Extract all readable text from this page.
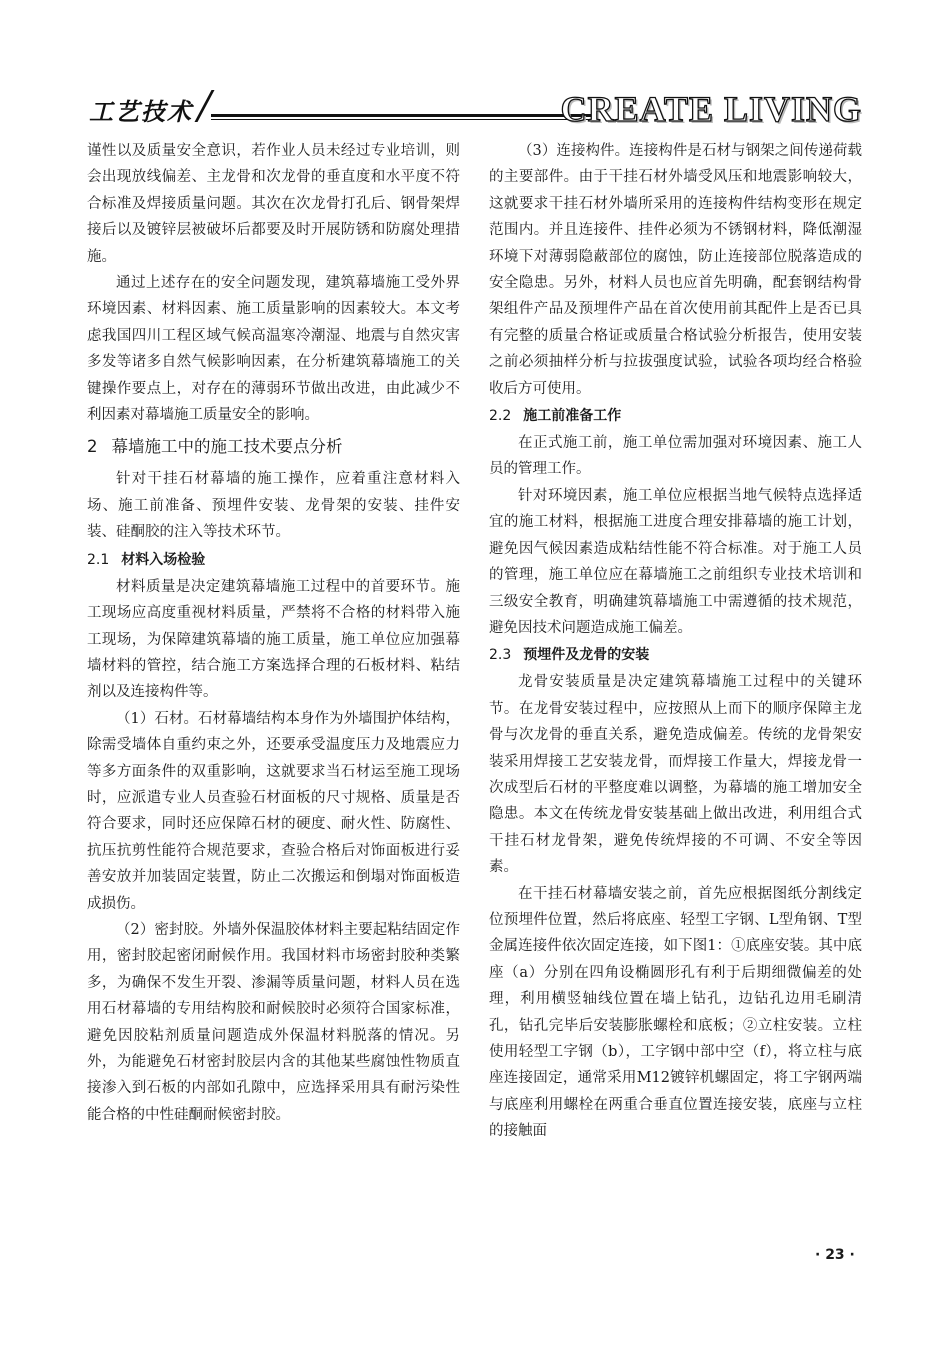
工艺技术	CREATE LIVING

谨性以及质量安全意识，若作业人员未经过专业培训，则会出现放线偏差、主龙骨和次龙骨的垂直度和水平度不符合标准及焊接质量问题。其次在次龙骨打孔后、钢骨架焊接后以及镀锌层被破坏后都要及时开展防锈和防腐处理措施。

通过上述存在的安全问题发现，建筑幕墙施工受外界环境因素、材料因素、施工质量影响的因素较大。本文考虑我国四川工程区域气候高温寒冷潮湿、地震与自然灾害多发等诸多自然气候影响因素，在分析建筑幕墙施工的关键操作要点上，对存在的薄弱环节做出改进，由此减少不利因素对幕墙施工质量安全的影响。

2 幕墙施工中的施工技术要点分析

针对干挂石材幕墙的施工操作，应着重注意材料入场、施工前准备、预埋件安装、龙骨架的安装、挂件安装、硅酮胶的注入等技术环节。

2.1 材料入场检验

材料质量是决定建筑幕墙施工过程中的首要环节。施工现场应高度重视材料质量，严禁将不合格的材料带入施工现场，为保障建筑幕墙的施工质量，施工单位应加强幕墙材料的管控，结合施工方案选择合理的石板材料、粘结剂以及连接构件等。

（1）石材。石材幕墙结构本身作为外墙围护体结构，除需受墙体自重约束之外，还要承受温度压力及地震应力等多方面条件的双重影响，这就要求当石材运至施工现场时，应派遣专业人员查验石材面板的尺寸规格、质量是否符合要求，同时还应保障石材的硬度、耐火性、防腐性、抗压抗剪性能符合规范要求，查验合格后对饰面板进行妥善安放并加装固定装置，防止二次搬运和倒塌对饰面板造成损伤。

（2）密封胶。外墙外保温胶体材料主要起粘结固定作用，密封胶起密闭耐候作用。我国材料市场密封胶种类繁多，为确保不发生开裂、渗漏等质量问题，材料人员在选用石材幕墙的专用结构胶和耐候胶时必须符合国家标准，避免因胶粘剂质量问题造成外保温材料脱落的情况。另外，为能避免石材密封胶层内含的其他某些腐蚀性物质直接渗入到石板的内部如孔隙中，应选择采用具有耐污染性能合格的中性硅酮耐候密封胶。

（3）连接构件。连接构件是石材与钢架之间传递荷载的主要部件。由于干挂石材外墙受风压和地震影响较大，这就要求干挂石材外墙所采用的连接构件结构变形在规定范围内。并且连接件、挂件必须为不锈钢材料，降低潮湿环境下对薄弱隐蔽部位的腐蚀，防止连接部位脱落造成的安全隐患。另外，材料人员也应首先明确，配套钢结构骨架组件产品及预埋件产品在首次使用前其配件上是否已具有完整的质量合格证或质量合格试验分析报告，使用安装之前必须抽样分析与拉拔强度试验，试验各项均经合格验收后方可使用。

2.2 施工前准备工作

在正式施工前，施工单位需加强对环境因素、施工人员的管理工作。

针对环境因素，施工单位应根据当地气候特点选择适宜的施工材料，根据施工进度合理安排幕墙的施工计划，避免因气候因素造成粘结性能不符合标准。对于施工人员的管理，施工单位应在幕墙施工之前组织专业技术培训和三级安全教育，明确建筑幕墙施工中需遵循的技术规范，避免因技术问题造成施工偏差。

2.3 预埋件及龙骨的安装

龙骨安装质量是决定建筑幕墙施工过程中的关键环节。在龙骨安装过程中，应按照从上而下的顺序保障主龙骨与次龙骨的垂直关系，避免造成偏差。传统的龙骨架安装采用焊接工艺安装龙骨，而焊接工作量大，焊接龙骨一次成型后石材的平整度难以调整，为幕墙的施工增加安全隐患。本文在传统龙骨安装基础上做出改进，利用组合式干挂石材龙骨架，避免传统焊接的不可调、不安全等因素。

在干挂石材幕墙安装之前，首先应根据图纸分割线定位预埋件位置，然后将底座、轻型工字钢、L型角钢、T型金属连接件依次固定连接，如下图1：①底座安装。其中底座（a）分别在四角设椭圆形孔有利于后期细微偏差的处理，利用横竖轴线位置在墙上钻孔，边钻孔边用毛刷清孔，钻孔完毕后安装膨胀螺栓和底板；②立柱安装。立柱使用轻型工字钢（b），工字钢中部中空（f），将立柱与底座连接固定，通常采用M12镀锌机螺固定，将工字钢两端与底座利用螺栓在两重合垂直位置连接安装，底座与立柱的接触面

· 23 ·
